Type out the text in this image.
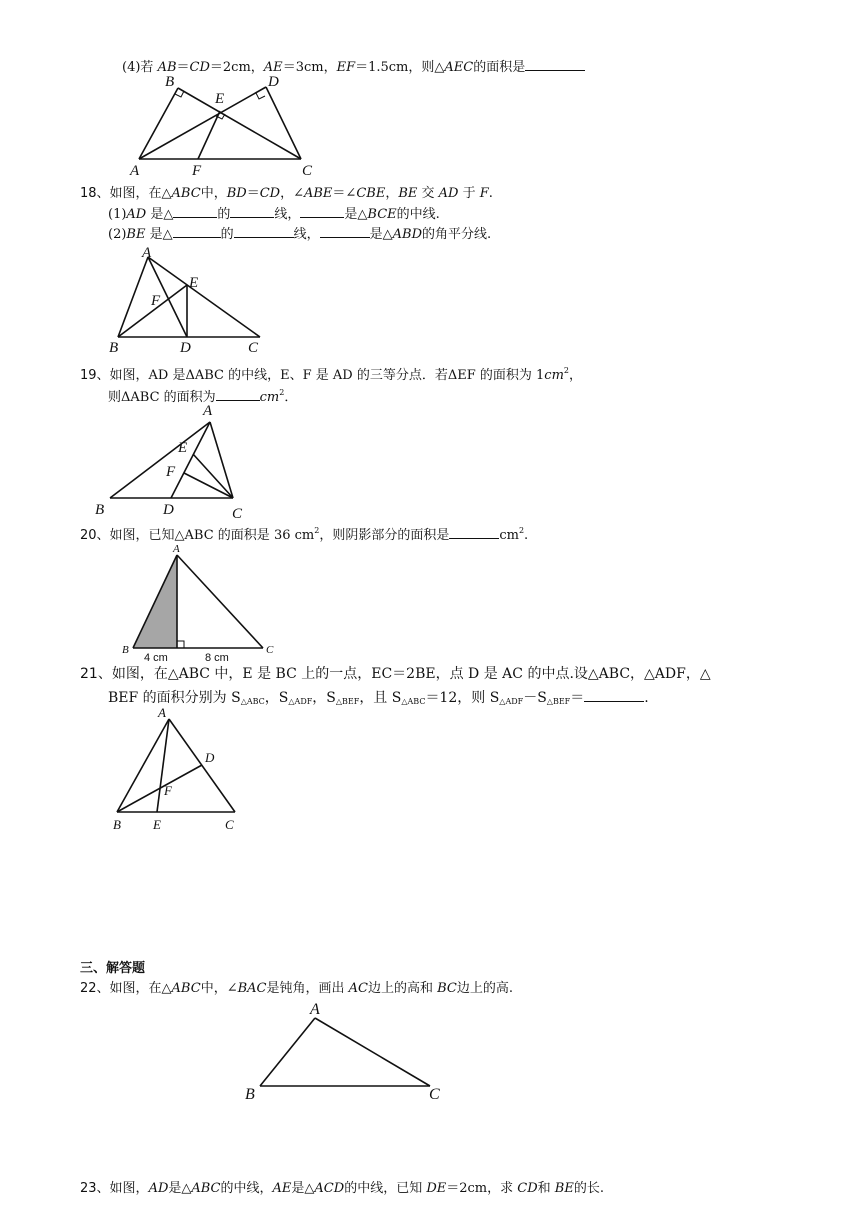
(4)若 AB＝CD＝2cm，AE＝3cm，EF＝1.5cm，则△AEC的面积是
B	D
E
A	F	C
18、如图，在△ABC中，BD＝CD，∠ABE＝∠CBE，BE 交 AD 于 F.
(1)AD 是△	的	线，	是△BCE的中线.
(2)BE 是△	的	线，	是△ABD的角平分线.
A
E
F
B	D	C
19、如图，AD 是ΔABC 的中线，E、F 是 AD 的三等分点．若ΔEF 的面积为 $1cm^2$，
则ΔABC 的面积为	$cm^2$．
A
E
F
B	D	C
20、如图，已知△ABC 的面积是 36 $cm^2$，则阴影部分的面积是	$cm^2$.
A
B	C
4 cm	8 cm
21、如图，在△ABC 中，E 是 BC 上的一点，EC＝2BE，点 D 是 AC 的中点.设△ABC，△ADF，△
BEF 的面积分别为 $S_{\triangle ABC}$，$S_{\triangle ADF}$，$S_{\triangle BEF}$，且 $S_{\triangle ABC}=12$，则 $S_{\triangle ADF}-S_{\triangle BEF}=$	.
A
D
F
B E	C
三、解答题
22、如图，在△ABC中，∠BAC是钝角，画出 AC边上的高和 BC边上的高.
A
B	C
23、如图，AD是△ABC的中线，AE是△ACD的中线，已知 DE＝2cm，求 CD和 BE的长.
